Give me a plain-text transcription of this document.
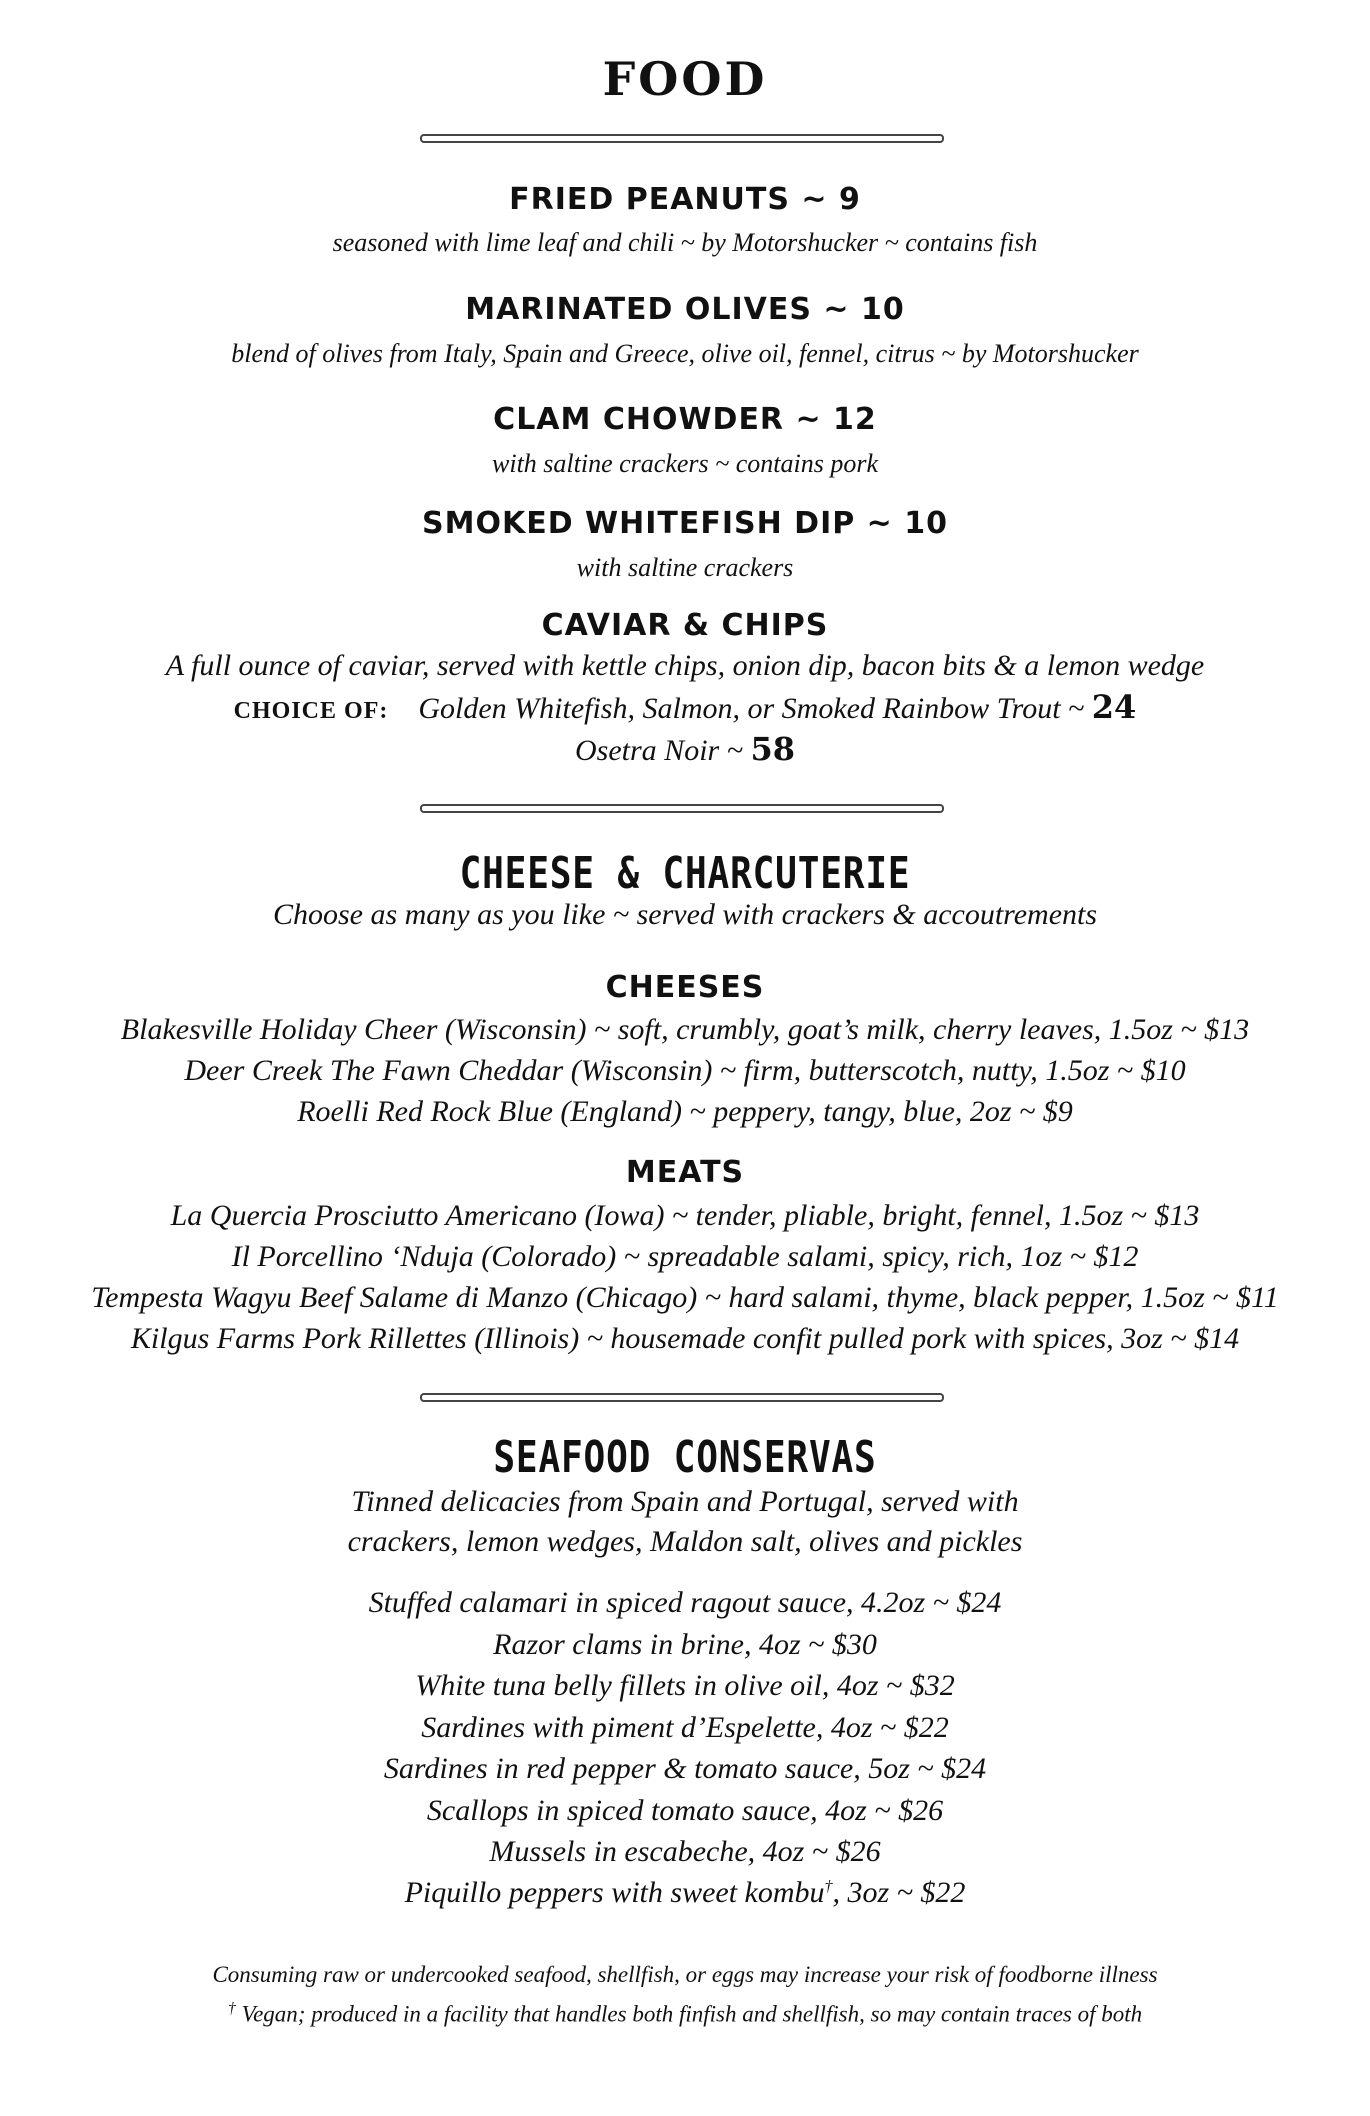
FOOD
FRIED PEANUTS ~ 9
seasoned with lime leaf and chili ~ by Motorshucker ~ contains fish
MARINATED OLIVES ~ 10
blend of olives from Italy, Spain and Greece, olive oil, fennel, citrus ~ by Motorshucker
CLAM CHOWDER ~ 12
with saltine crackers ~ contains pork
SMOKED WHITEFISH DIP ~ 10
with saltine crackers
CAVIAR & CHIPS
A full ounce of caviar, served with kettle chips, onion dip, bacon bits & a lemon wedge
CHOICE OF: Golden Whitefish, Salmon, or Smoked Rainbow Trout ~ 24
Osetra Noir ~ 58
CHEESE & CHARCUTERIE
Choose as many as you like ~ served with crackers & accoutrements
CHEESES
Blakesville Holiday Cheer (Wisconsin) ~ soft, crumbly, goat’s milk, cherry leaves, 1.5oz ~ $13
Deer Creek The Fawn Cheddar (Wisconsin) ~ firm, butterscotch, nutty, 1.5oz ~ $10
Roelli Red Rock Blue (England) ~ peppery, tangy, blue, 2oz ~ $9
MEATS
La Quercia Prosciutto Americano (Iowa) ~ tender, pliable, bright, fennel, 1.5oz ~ $13
Il Porcellino ‘Nduja (Colorado) ~ spreadable salami, spicy, rich, 1oz ~ $12
Tempesta Wagyu Beef Salame di Manzo (Chicago) ~ hard salami, thyme, black pepper, 1.5oz ~ $11
Kilgus Farms Pork Rillettes (Illinois) ~ housemade confit pulled pork with spices, 3oz ~ $14
SEAFOOD CONSERVAS
Tinned delicacies from Spain and Portugal, served with
crackers, lemon wedges, Maldon salt, olives and pickles
Stuffed calamari in spiced ragout sauce, 4.2oz ~ $24
Razor clams in brine, 4oz ~ $30
White tuna belly fillets in olive oil, 4oz ~ $32
Sardines with piment d’Espelette, 4oz ~ $22
Sardines in red pepper & tomato sauce, 5oz ~ $24
Scallops in spiced tomato sauce, 4oz ~ $26
Mussels in escabeche, 4oz ~ $26
Piquillo peppers with sweet kombu†, 3oz ~ $22
Consuming raw or undercooked seafood, shellfish, or eggs may increase your risk of foodborne illness
† Vegan; produced in a facility that handles both finfish and shellfish, so may contain traces of both
